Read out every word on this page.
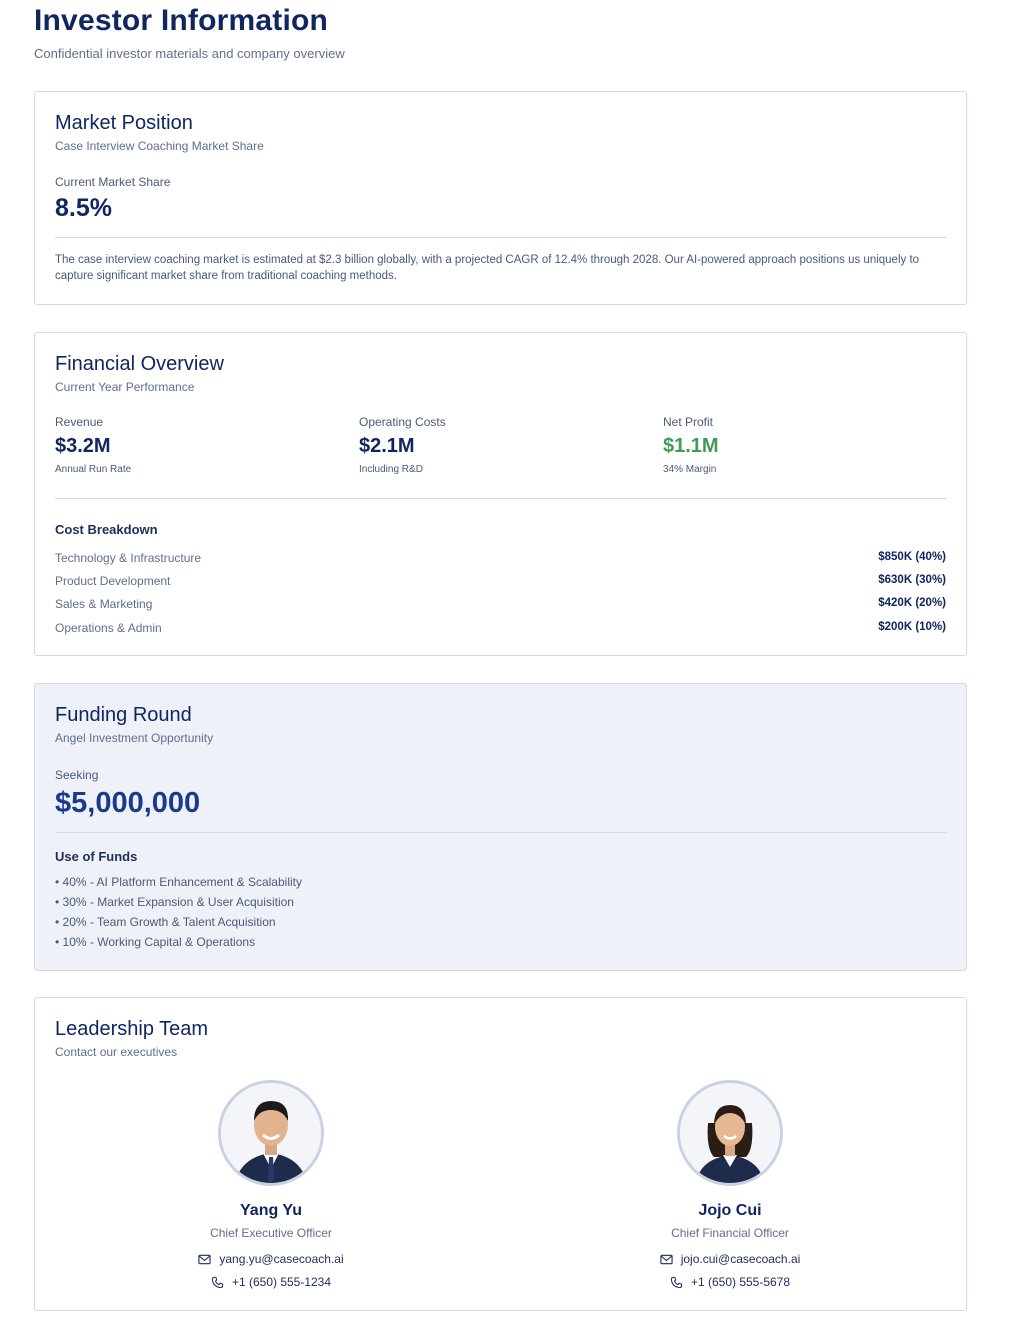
Investor Information
Confidential investor materials and company overview
Market Position
Case Interview Coaching Market Share
Current Market Share
8.5%
The case interview coaching market is estimated at $2.3 billion globally, with a projected CAGR of 12.4% through 2028. Our AI-powered approach positions us uniquely to capture significant market share from traditional coaching methods.
Financial Overview
Current Year Performance
Revenue
$3.2M
Annual Run Rate
Operating Costs
$2.1M
Including R&D
Net Profit
$1.1M
34% Margin
Cost Breakdown
Technology & Infrastructure	$850K (40%)
Product Development	$630K (30%)
Sales & Marketing	$420K (20%)
Operations & Admin	$200K (10%)
Funding Round
Angel Investment Opportunity
Seeking
$5,000,000
Use of Funds
• 40% - AI Platform Enhancement & Scalability
• 30% - Market Expansion & User Acquisition
• 20% - Team Growth & Talent Acquisition
• 10% - Working Capital & Operations
Leadership Team
Contact our executives
Yang Yu
Chief Executive Officer
yang.yu@casecoach.ai
+1 (650) 555-1234
Jojo Cui
Chief Financial Officer
jojo.cui@casecoach.ai
+1 (650) 555-5678
